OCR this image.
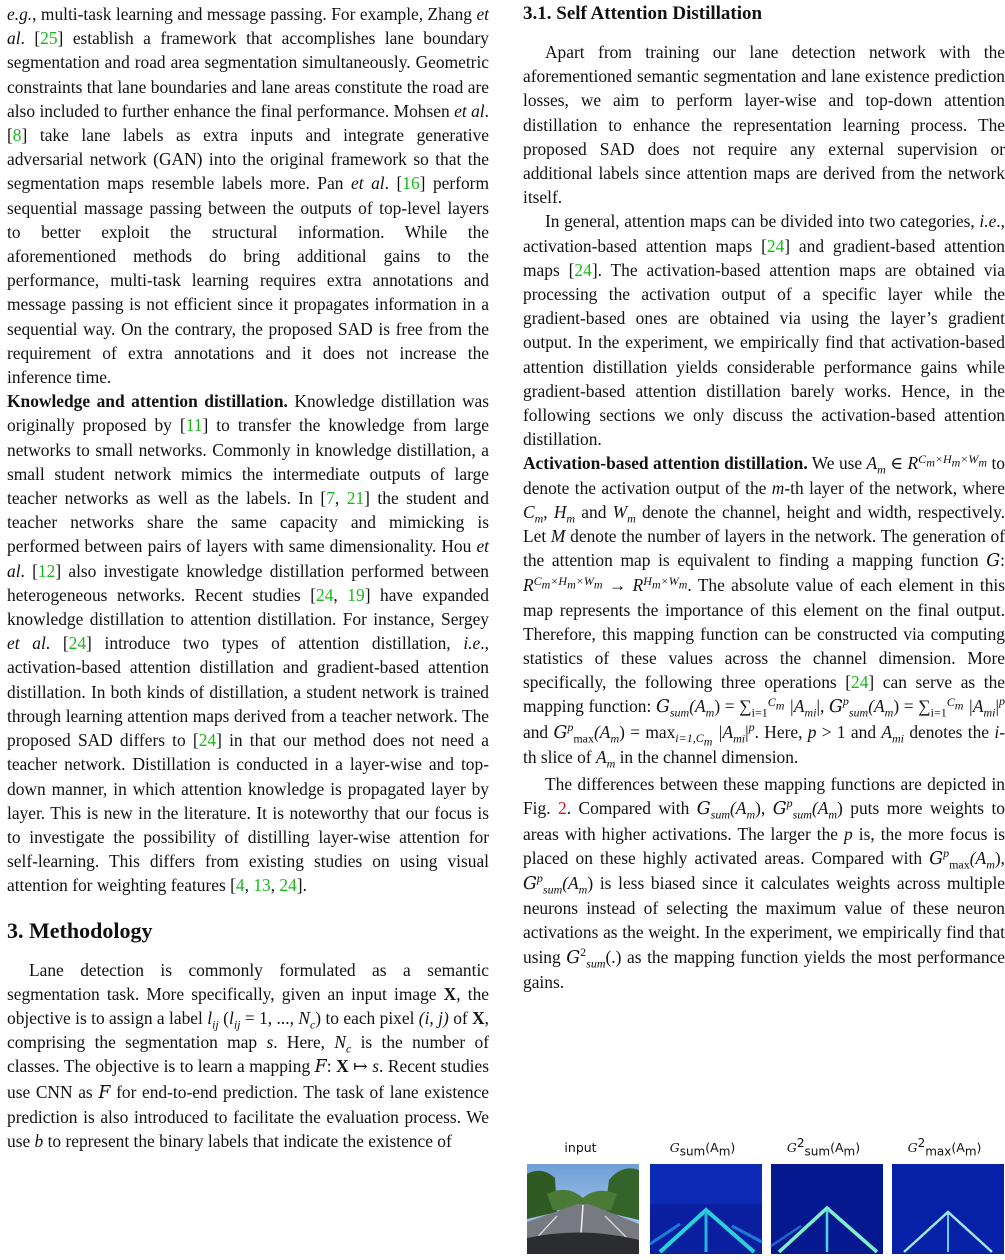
e.g., multi-task learning and message passing. For example, Zhang et al. [25] establish a framework that accomplishes lane boundary segmentation and road area segmentation simultaneously. Geometric constraints that lane boundaries and lane areas constitute the road are also included to further enhance the final performance. Mohsen et al. [8] take lane labels as extra inputs and integrate generative adversarial network (GAN) into the original framework so that the segmentation maps resemble labels more. Pan et al. [16] perform sequential massage passing between the outputs of top-level layers to better exploit the structural information. While the aforementioned methods do bring additional gains to the performance, multi-task learning requires extra annotations and message passing is not efficient since it propagates information in a sequential way. On the contrary, the proposed SAD is free from the requirement of extra annotations and it does not increase the inference time.

Knowledge and attention distillation. Knowledge distillation was originally proposed by [11] to transfer the knowledge from large networks to small networks. Commonly in knowledge distillation, a small student network mimics the intermediate outputs of large teacher networks as well as the labels. In [7, 21] the student and teacher networks share the same capacity and mimicking is performed between pairs of layers with same dimensionality. Hou et al. [12] also investigate knowledge distillation performed between heterogeneous networks. Recent studies [24, 19] have expanded knowledge distillation to attention distillation. For instance, Sergey et al. [24] introduce two types of attention distillation, i.e., activation-based attention distillation and gradient-based attention distillation. In both kinds of distillation, a student network is trained through learning attention maps derived from a teacher network. The proposed SAD differs to [24] in that our method does not need a teacher network. Distillation is conducted in a layer-wise and top-down manner, in which attention knowledge is propagated layer by layer. This is new in the literature. It is noteworthy that our focus is to investigate the possibility of distilling layer-wise attention for self-learning. This differs from existing studies on using visual attention for weighting features [4, 13, 24].

3. Methodology

Lane detection is commonly formulated as a semantic segmentation task. More specifically, given an input image X, the objective is to assign a label $l_{ij}$ ($l_{ij} = 1$, ..., $N_c$) to each pixel (i, j) of X, comprising the segmentation map s. Here, $N_c$ is the number of classes. The objective is to learn a mapping F: X ↦ s. Recent studies use CNN as F for end-to-end prediction. The task of lane existence prediction is also introduced to facilitate the evaluation process. We use b to represent the binary labels that indicate the existence of

3.1. Self Attention Distillation

Apart from training our lane detection network with the aforementioned semantic segmentation and lane existence prediction losses, we aim to perform layer-wise and top-down attention distillation to enhance the representation learning process. The proposed SAD does not require any external supervision or additional labels since attention maps are derived from the network itself.

In general, attention maps can be divided into two categories, i.e., activation-based attention maps [24] and gradient-based attention maps [24]. The activation-based attention maps are obtained via processing the activation output of a specific layer while the gradient-based ones are obtained via using the layer’s gradient output. In the experiment, we empirically find that activation-based attention distillation yields considerable performance gains while gradient-based attention distillation barely works. Hence, in the following sections we only discuss the activation-based attention distillation.

Activation-based attention distillation. We use $A_m$ ∈ $R^{C_m\times H_m\times W_m}$ to denote the activation output of the m-th layer of the network, where $C_m$, $H_m$ and $W_m$ denote the channel, height and width, respectively. Let M denote the number of layers in the network. The generation of the attention map is equivalent to finding a mapping function G: $R^{C_m\times H_m\times W_m} \to R^{H_m\times W_m}$. The absolute value of each element in this map represents the importance of this element on the final output. Therefore, this mapping function can be constructed via computing statistics of these values across the channel dimension. More specifically, the following three operations [24] can serve as the mapping function: $G_{sum}(A_m) = \sum_{i=1}^{C_m}$ $|A_{mi}|$, $G^p_{sum}(A_m) = \sum_{i=1}^{C_m}$ $|A_{mi}|^p$ and $G^p_{max}(A_m) = \max_{i=1,C_m} |A_{mi}|^p$. Here, p > 1 and $A_{mi}$ denotes the i-th slice of $A_m$ in the channel dimension.

The differences between these mapping functions are depicted in Fig. 2. Compared with $G_{sum}(A_m)$, $G^p_{sum}(A_m)$ puts more weights to areas with higher activations. The larger the p is, the more focus is placed on these highly activated areas. Compared with $G^p_{max}(A_m)$, $G^p_{sum}(A_m)$ is less biased since it calculates weights across multiple neurons instead of selecting the maximum value of these neuron activations as the weight. In the experiment, we empirically find that using $G^2_{sum}(.)$ as the mapping function yields the most performance gains.

input	$G_{sum}(A_m)$	$G^2_{sum}(A_m)$	$G^2_{max}(A_m)$
